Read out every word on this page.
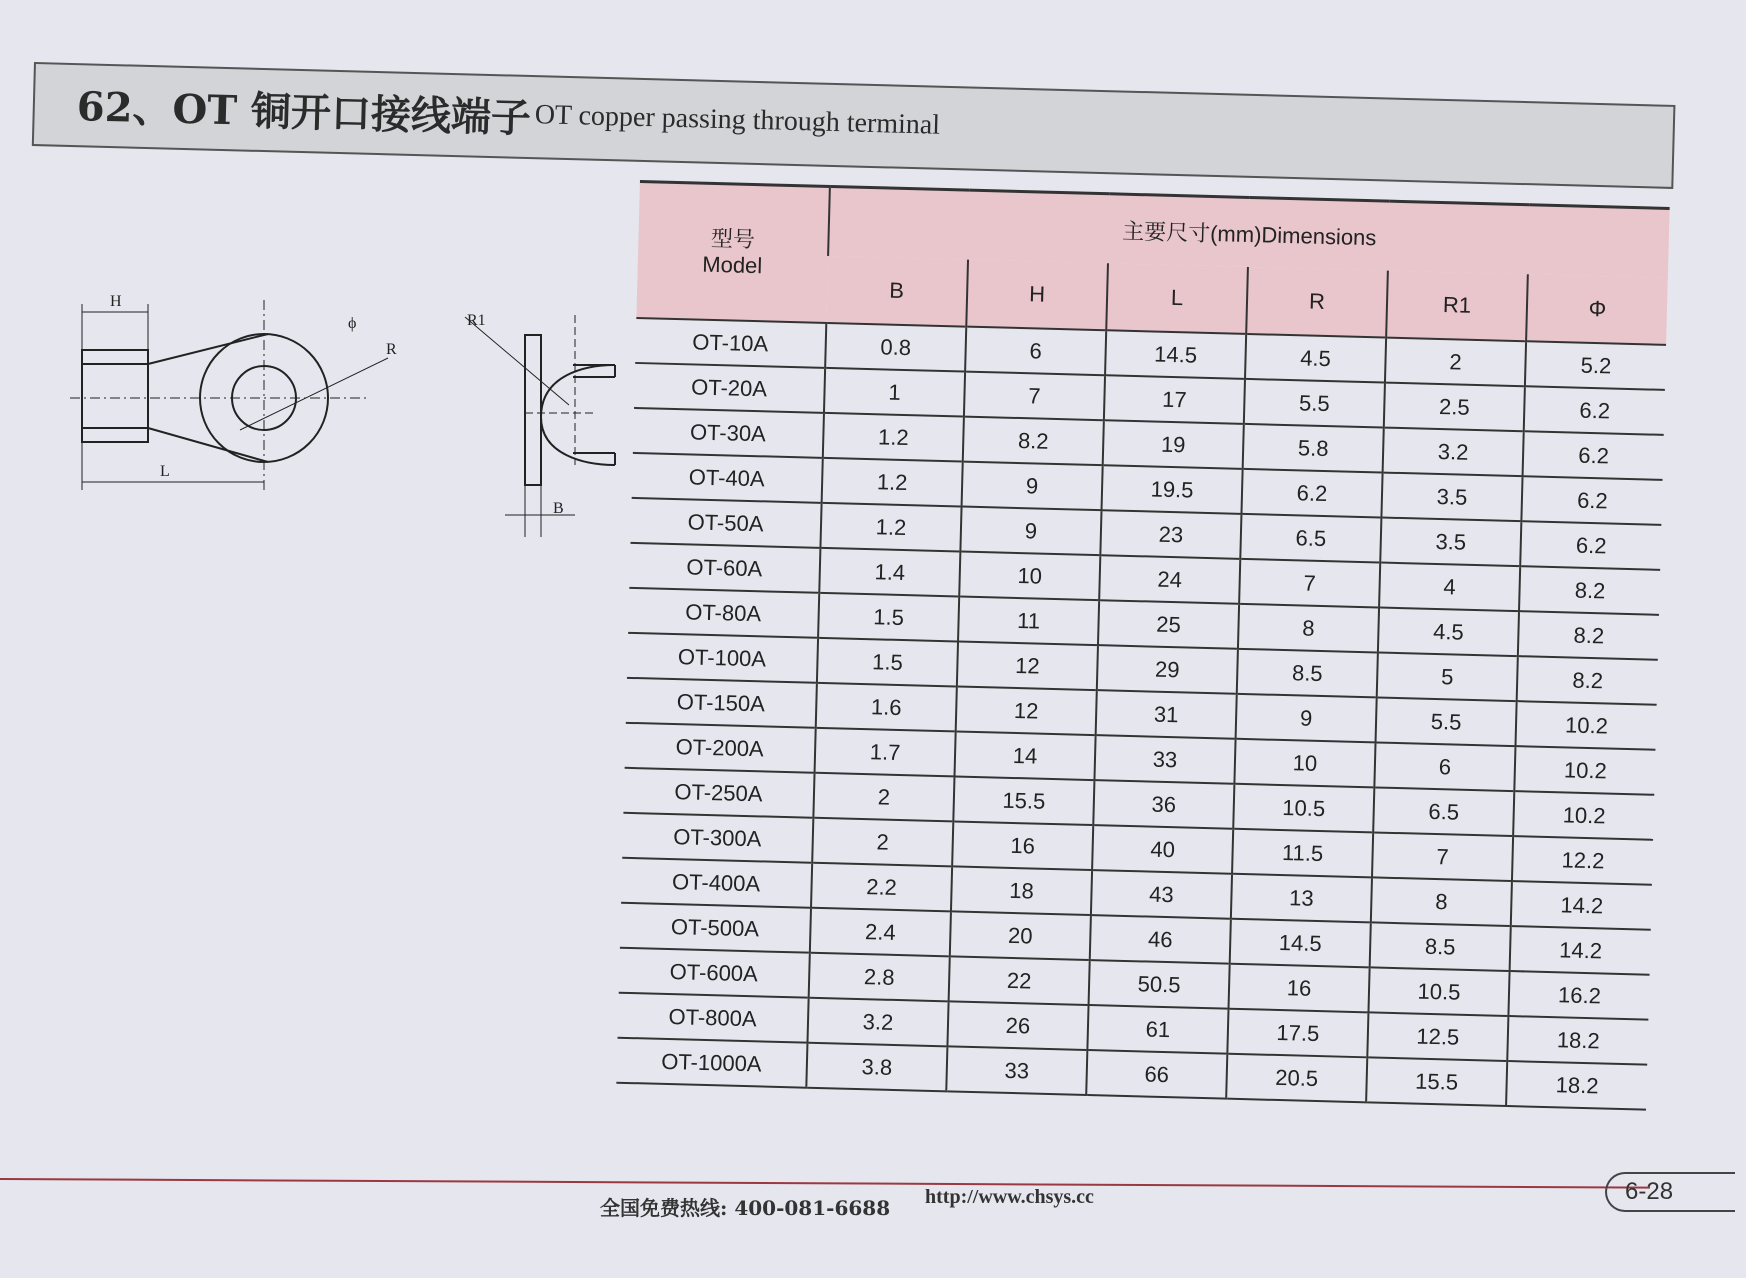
62、OT 铜开口接线端子 OT copper passing through terminal
H
ϕ
R
L
R1
B
型号
Model	主要尺寸(mm)Dimensions					
	B	H	L	R	R1	Φ
OT-10A	0.8	6	14.5	4.5	2	5.2
OT-20A	1	7	17	5.5	2.5	6.2
OT-30A	1.2	8.2	19	5.8	3.2	6.2
OT-40A	1.2	9	19.5	6.2	3.5	6.2
OT-50A	1.2	9	23	6.5	3.5	6.2
OT-60A	1.4	10	24	7	4	8.2
OT-80A	1.5	11	25	8	4.5	8.2
OT-100A	1.5	12	29	8.5	5	8.2
OT-150A	1.6	12	31	9	5.5	10.2
OT-200A	1.7	14	33	10	6	10.2
OT-250A	2	15.5	36	10.5	6.5	10.2
OT-300A	2	16	40	11.5	7	12.2
OT-400A	2.2	18	43	13	8	14.2
OT-500A	2.4	20	46	14.5	8.5	14.2
OT-600A	2.8	22	50.5	16	10.5	16.2
OT-800A	3.2	26	61	17.5	12.5	18.2
OT-1000A	3.8	33	66	20.5	15.5	18.2
全国免费热线: 400-081-6688 http://www.chsys.cc	6-28
